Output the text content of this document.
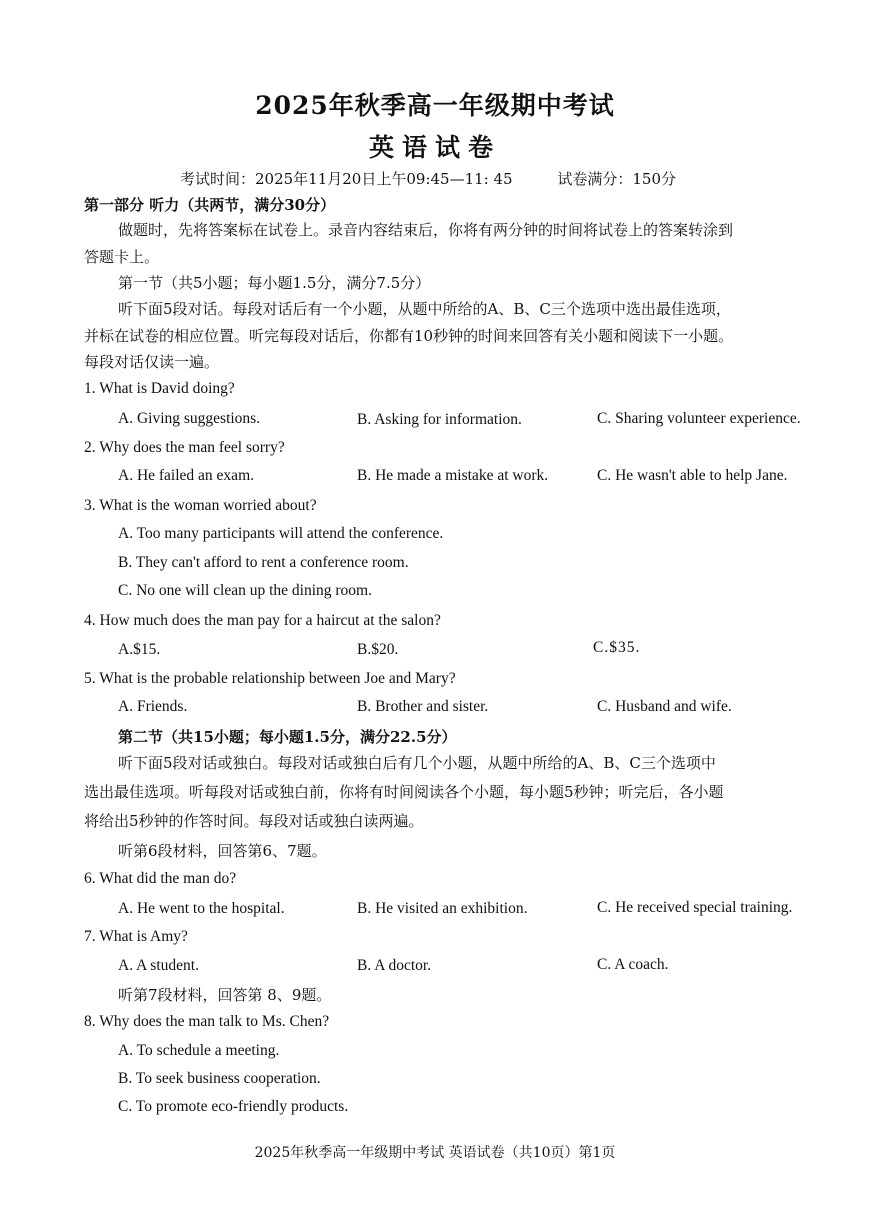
2025年秋季高一年级期中考试
英语试卷
考试时间：2025年11月20日上午09:45—11: 45	试卷满分：150分
第一部分 听力（共两节，满分30分）
做题时，先将答案标在试卷上。录音内容结束后，你将有两分钟的时间将试卷上的答案转涂到
答题卡上。
第一节（共5小题；每小题1.5分，满分7.5分）
听下面5段对话。每段对话后有一个小题，从题中所给的A、B、C三个选项中选出最佳选项，
并标在试卷的相应位置。听完每段对话后，你都有10秒钟的时间来回答有关小题和阅读下一小题。
每段对话仅读一遍。
1. What is David doing?
A. Giving suggestions.	B. Asking for information.	C. Sharing volunteer experience.
2. Why does the man feel sorry?
A. He failed an exam.	B. He made a mistake at work.	C. He wasn't able to help Jane.
3. What is the woman worried about?
A. Too many participants will attend the conference.
B. They can't afford to rent a conference room.
C. No one will clean up the dining room.
4. How much does the man pay for a haircut at the salon?
A.$15.	B.$20.	C.$35.
5. What is the probable relationship between Joe and Mary?
A. Friends.	B. Brother and sister.	C. Husband and wife.
第二节（共15小题；每小题1.5分，满分22.5分）
听下面5段对话或独白。每段对话或独白后有几个小题，从题中所给的A、B、C三个选项中
选出最佳选项。听每段对话或独白前，你将有时间阅读各个小题，每小题5秒钟；听完后，各小题
将给出5秒钟的作答时间。每段对话或独白读两遍。
听第6段材料，回答第6、7题。
6. What did the man do?
A. He went to the hospital.	B. He visited an exhibition.	C. He received special training.
7. What is Amy?
A. A student.	B. A doctor.	C. A coach.
听第7段材料，回答第 8、9题。
8. Why does the man talk to Ms. Chen?
A. To schedule a meeting.
B. To seek business cooperation.
C. To promote eco-friendly products.
2025年秋季高一年级期中考试 英语试卷（共10页）第1页
